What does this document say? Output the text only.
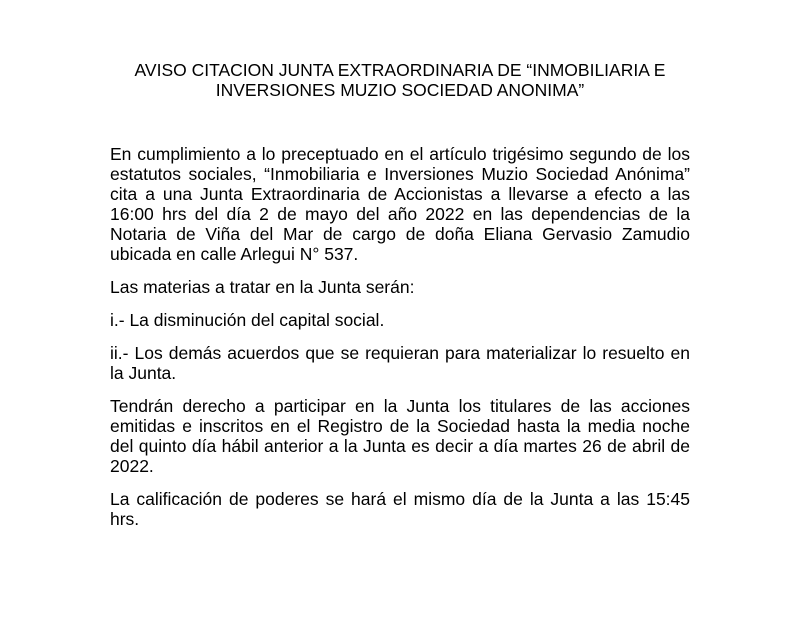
AVISO CITACION JUNTA EXTRAORDINARIA DE “INMOBILIARIA E
INVERSIONES MUZIO SOCIEDAD ANONIMA”

En cumplimiento a lo preceptuado en el artículo trigésimo segundo de los estatutos sociales, “Inmobiliaria e Inversiones Muzio Sociedad Anónima” cita a una Junta Extraordinaria de Accionistas a llevarse a efecto a las 16:00 hrs del día 2 de mayo del año 2022 en las dependencias de la Notaria de Viña del Mar de cargo de doña Eliana Gervasio Zamudio ubicada en calle Arlegui N° 537.

Las materias a tratar en la Junta serán:

i.- La disminución del capital social.

ii.- Los demás acuerdos que se requieran para materializar lo resuelto en la Junta.

Tendrán derecho a participar en la Junta los titulares de las acciones emitidas e inscritos en el Registro de la Sociedad hasta la media noche del quinto día hábil anterior a la Junta es decir a día martes 26 de abril de 2022.

La calificación de poderes se hará el mismo día de la Junta a las 15:45 hrs.
